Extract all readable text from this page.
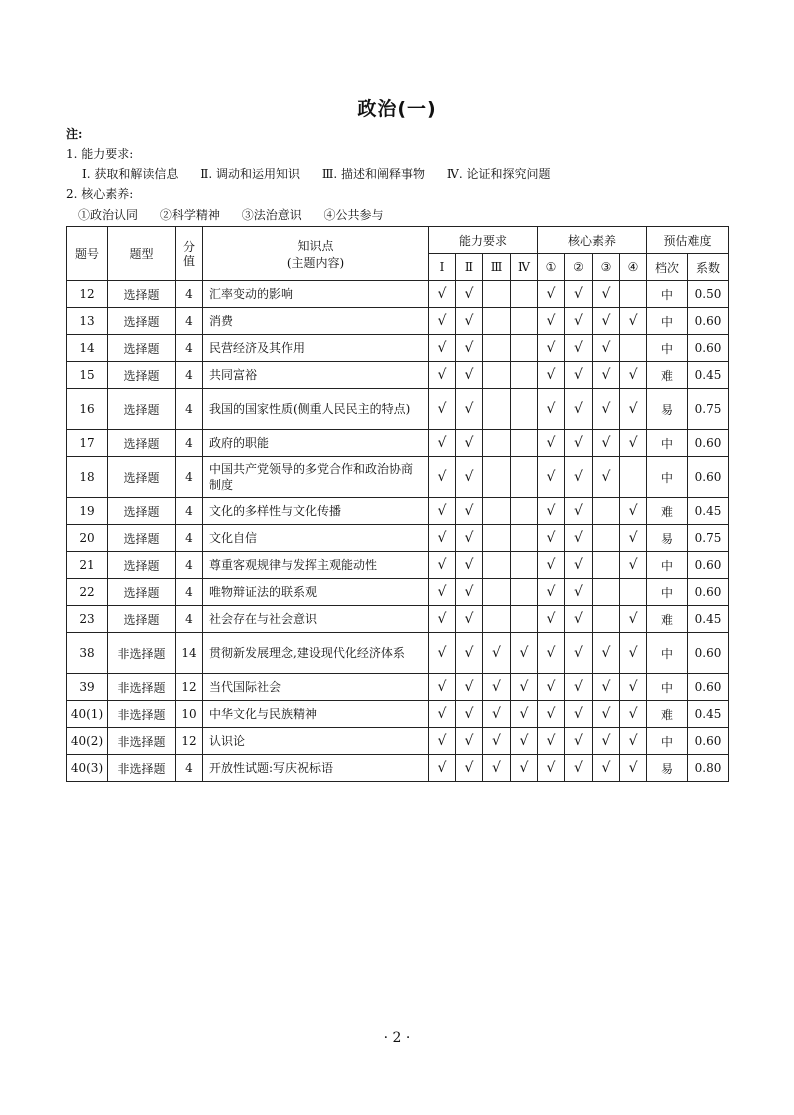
政治(一)
注:
1. 能力要求:
Ⅰ. 获取和解读信息 Ⅱ. 调动和运用知识 Ⅲ. 描述和阐释事物 Ⅳ. 论证和探究问题
2. 核心素养:
①政治认同 ②科学精神 ③法治意识 ④公共参与
题号	题型	分值	知识点
(主题内容)	能力要求				核心素养				预估难度	
				Ⅰ	Ⅱ	Ⅲ	Ⅳ	①	②	③	④	档次	系数
12	选择题	4	汇率变动的影响	√	√			√	√	√		中	0.50
13	选择题	4	消费	√	√			√	√	√	√	中	0.60
14	选择题	4	民营经济及其作用	√	√			√	√	√		中	0.60
15	选择题	4	共同富裕	√	√			√	√	√	√	难	0.45
16	选择题	4	我国的国家性质(侧重人民民主的特点)	√	√			√	√	√	√	易	0.75
17	选择题	4	政府的职能	√	√			√	√	√	√	中	0.60
18	选择题	4	中国共产党领导的多党合作和政治协商制度	√	√			√	√	√		中	0.60
19	选择题	4	文化的多样性与文化传播	√	√			√	√		√	难	0.45
20	选择题	4	文化自信	√	√			√	√		√	易	0.75
21	选择题	4	尊重客观规律与发挥主观能动性	√	√			√	√		√	中	0.60
22	选择题	4	唯物辩证法的联系观	√	√			√	√			中	0.60
23	选择题	4	社会存在与社会意识	√	√			√	√		√	难	0.45
38	非选择题	14	贯彻新发展理念,建设现代化经济体系	√	√	√	√	√	√	√	√	中	0.60
39	非选择题	12	当代国际社会	√	√	√	√	√	√	√	√	中	0.60
40(1)	非选择题	10	中华文化与民族精神	√	√	√	√	√	√	√	√	难	0.45
40(2)	非选择题	12	认识论	√	√	√	√	√	√	√	√	中	0.60
40(3)	非选择题	4	开放性试题:写庆祝标语	√	√	√	√	√	√	√	√	易	0.80
· 2 ·
